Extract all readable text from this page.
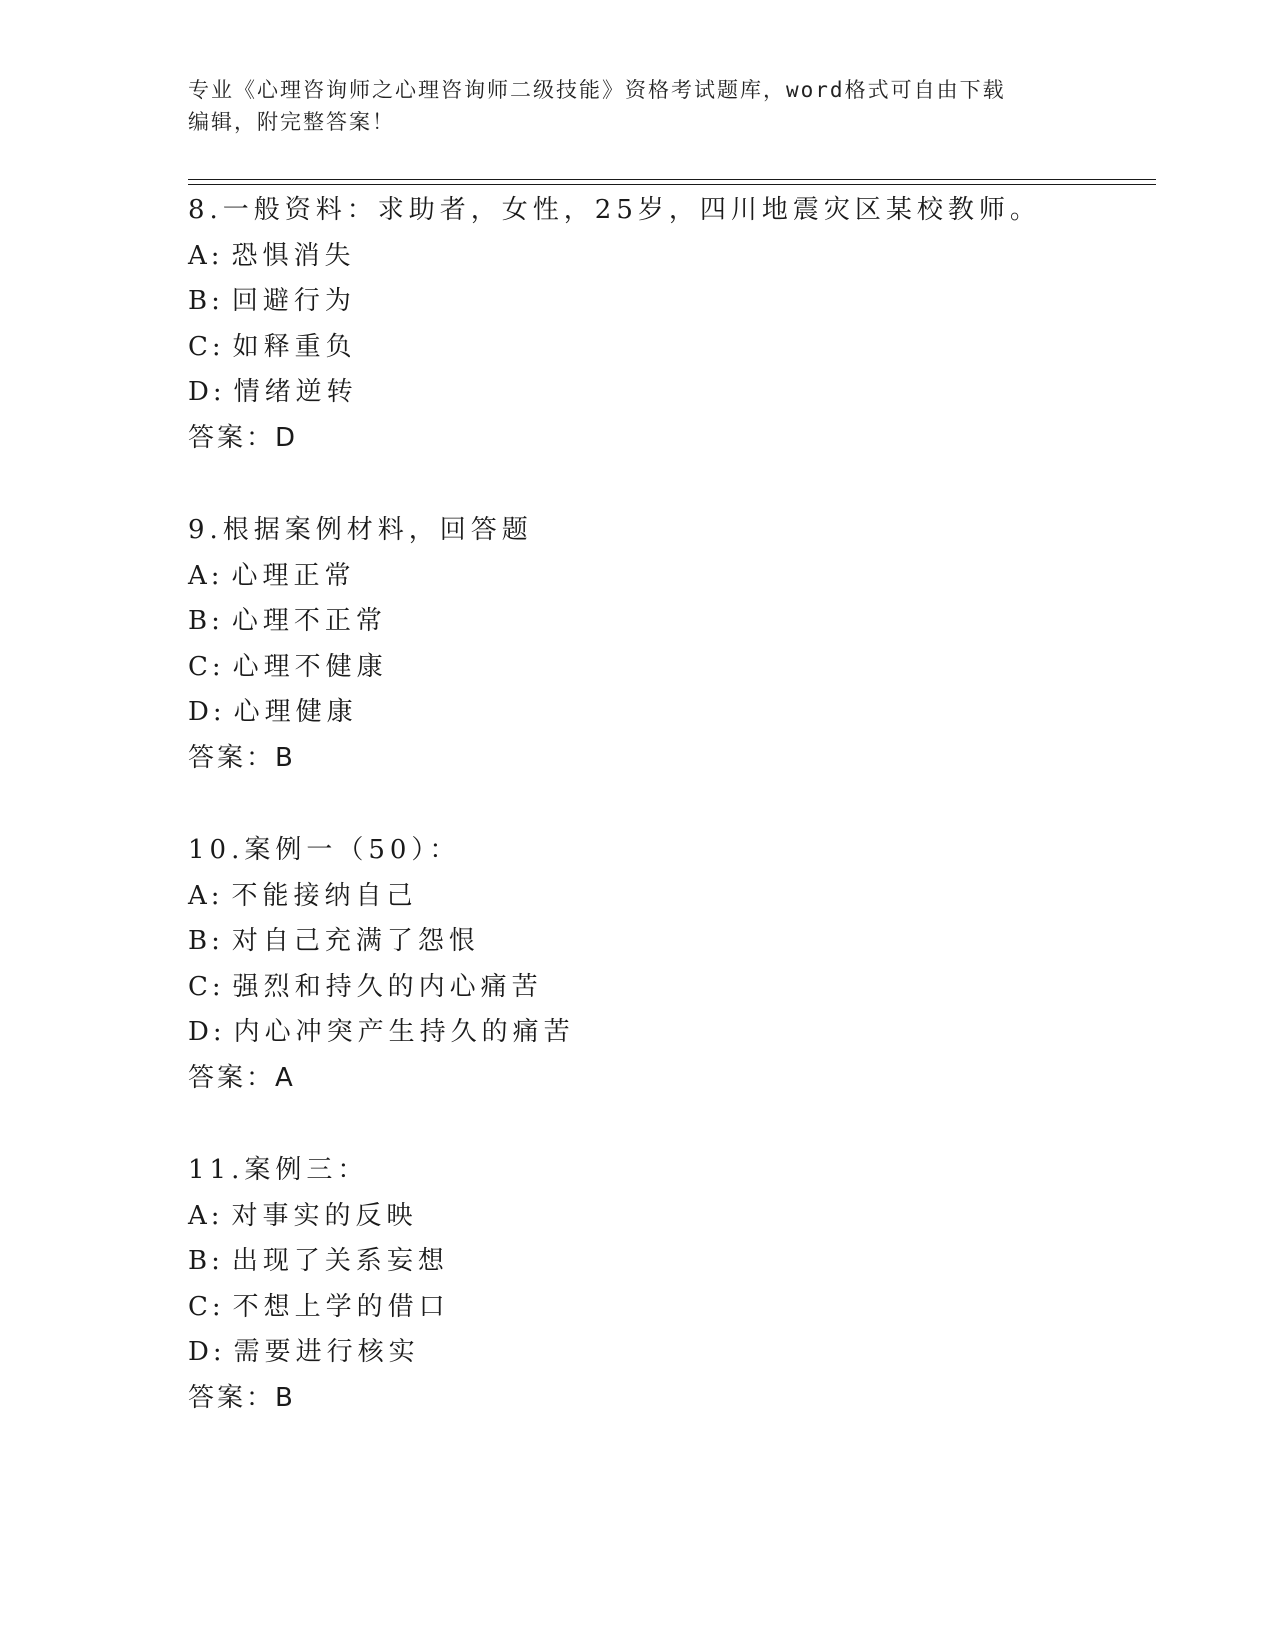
专业《心理咨询师之心理咨询师二级技能》资格考试题库，word格式可自由下载
编辑，附完整答案！
8.一般资料：求助者，女性，25岁，四川地震灾区某校教师。
A: 恐惧消失
B: 回避行为
C: 如释重负
D: 情绪逆转
答案：D
9.根据案例材料，回答题
A: 心理正常
B: 心理不正常
C: 心理不健康
D: 心理健康
答案：B
10.案例一（50）：
A: 不能接纳自己
B: 对自己充满了怨恨
C: 强烈和持久的内心痛苦
D: 内心冲突产生持久的痛苦
答案：A
11.案例三：
A: 对事实的反映
B: 出现了关系妄想
C: 不想上学的借口
D: 需要进行核实
答案：B
